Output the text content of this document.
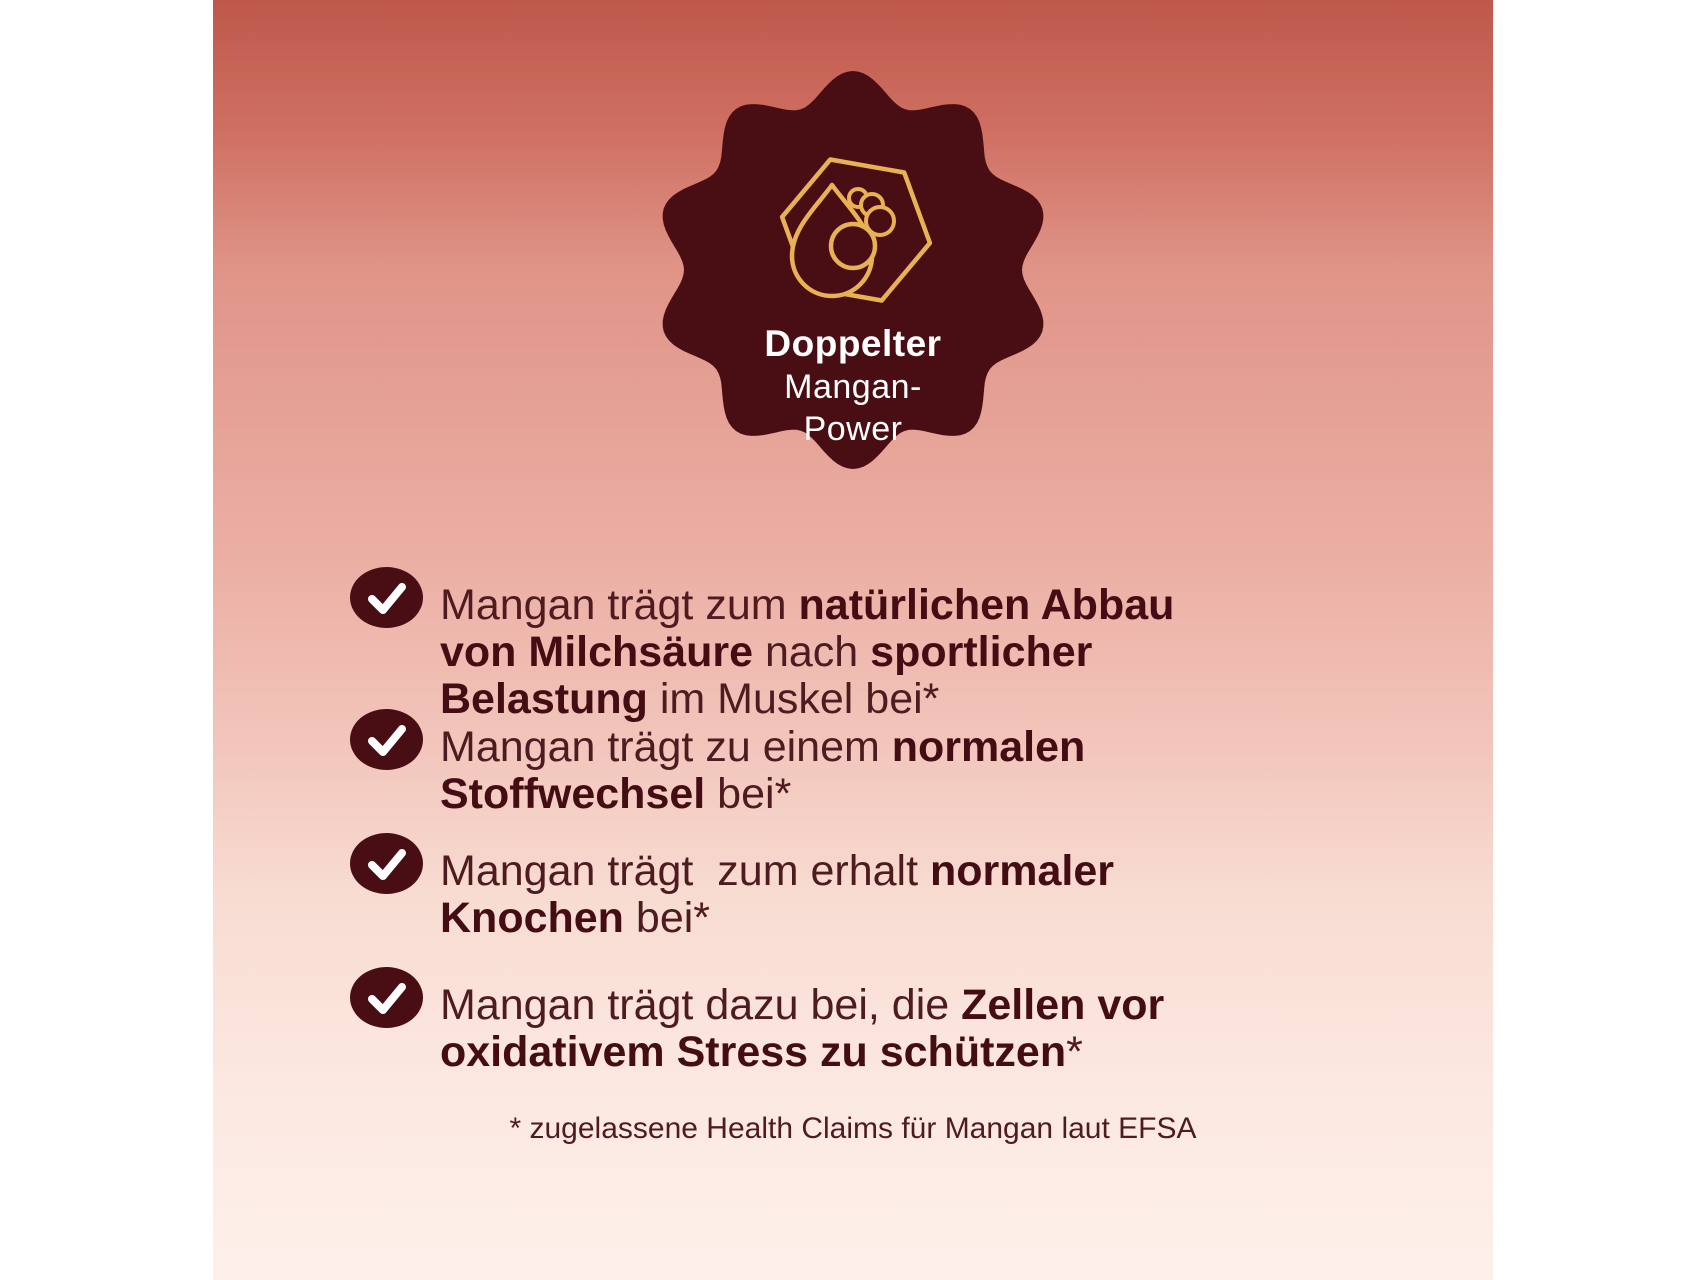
Doppelter
Mangan-
Power
Mangan trägt zum natürlichen Abbau
von Milchsäure nach sportlicher
Belastung im Muskel bei*
Mangan trägt zu einem normalen
Stoffwechsel bei*
Mangan trägt  zum erhalt normaler
Knochen bei*
Mangan trägt dazu bei, die Zellen vor
oxidativem Stress zu schützen*
* zugelassene Health Claims für Mangan laut EFSA
